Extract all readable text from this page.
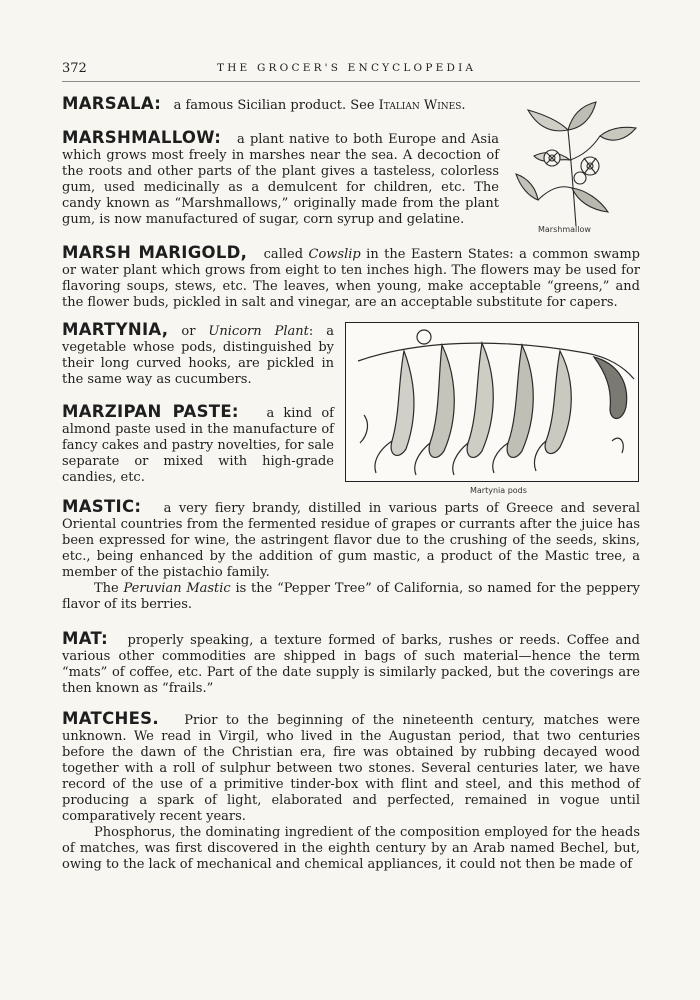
372	THE GROCER'S ENCYCLOPEDIA

MARSALA: a famous Sicilian product. See Italian Wines.

MARSHMALLOW: a plant native to both Europe and Asia which grows most freely in marshes near the sea. A decoction of the roots and other parts of the plant gives a tasteless, colorless gum, used medicinally as a demulcent for children, etc. The candy known as “Marshmallows,” originally made from the plant gum, is now manufactured of sugar, corn syrup and gelatine.

Marshmallow

MARSH MARIGOLD, called Cowslip in the Eastern States: a common swamp or water plant which grows from eight to ten inches high. The flowers may be used for flavoring soups, stews, etc. The leaves, when young, make acceptable “greens,” and the flower buds, pickled in salt and vinegar, are an acceptable substitute for capers.

MARTYNIA, or Unicorn Plant: a vegetable whose pods, distinguished by their long curved hooks, are pickled in the same way as cucumbers.

MARZIPAN PASTE: a kind of almond paste used in the manufacture of fancy cakes and pastry novelties, for sale separate or mixed with high-grade candies, etc.

Martynia pods

MASTIC: a very fiery brandy, distilled in various parts of Greece and several Oriental countries from the fermented residue of grapes or currants after the juice has been expressed for wine, the astringent flavor due to the crushing of the seeds, skins, etc., being enhanced by the addition of gum mastic, a product of the Mastic tree, a member of the pistachio family.

The Peruvian Mastic is the “Pepper Tree” of California, so named for the peppery flavor of its berries.

MAT: properly speaking, a texture formed of barks, rushes or reeds. Coffee and various other commodities are shipped in bags of such material—hence the term “mats” of coffee, etc. Part of the date supply is similarly packed, but the coverings are then known as “frails.”

MATCHES. Prior to the beginning of the nineteenth century, matches were unknown. We read in Virgil, who lived in the Augustan period, that two centuries before the dawn of the Christian era, fire was obtained by rubbing decayed wood together with a roll of sulphur between two stones. Several centuries later, we have record of the use of a primitive tinder-box with flint and steel, and this method of producing a spark of light, elaborated and perfected, remained in vogue until comparatively recent years.

Phosphorus, the dominating ingredient of the composition employed for the heads of matches, was first discovered in the eighth century by an Arab named Bechel, but, owing to the lack of mechanical and chemical appliances, it could not then be made of
